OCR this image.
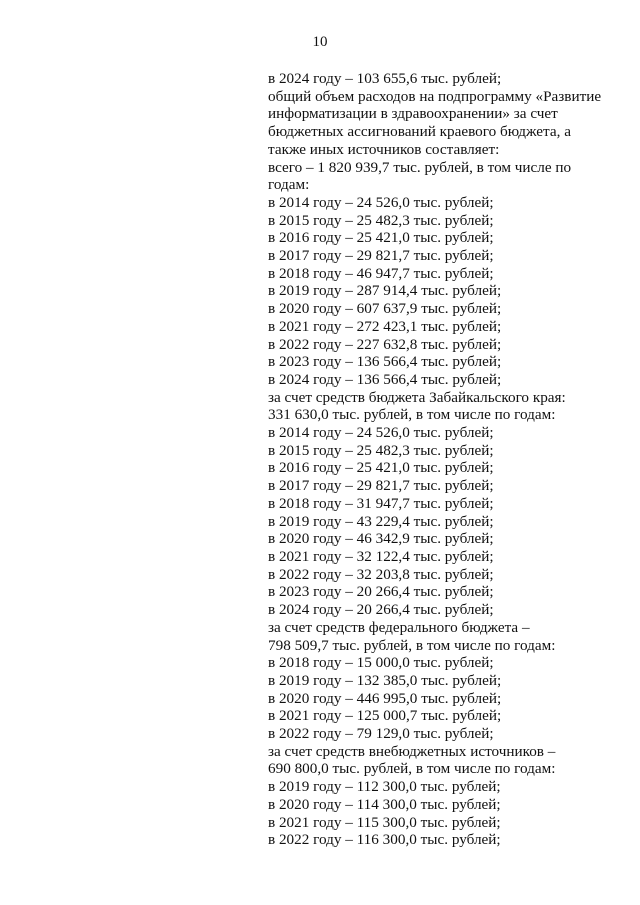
10
в 2024 году – 103 655,6 тыс. рублей;
общий объем расходов на подпрограмму «Развитие
информатизации в здравоохранении» за счет
бюджетных ассигнований краевого бюджета, а
также иных источников составляет:
всего – 1 820 939,7 тыс. рублей, в том числе по
годам:
в 2014 году – 24 526,0 тыс. рублей;
в 2015 году – 25 482,3 тыс. рублей;
в 2016 году – 25 421,0 тыс. рублей;
в 2017 году – 29 821,7 тыс. рублей;
в 2018 году – 46 947,7 тыс. рублей;
в 2019 году – 287 914,4 тыс. рублей;
в 2020 году – 607 637,9 тыс. рублей;
в 2021 году – 272 423,1 тыс. рублей;
в 2022 году – 227 632,8 тыс. рублей;
в 2023 году – 136 566,4 тыс. рублей;
в 2024 году – 136 566,4 тыс. рублей;
за счет средств бюджета Забайкальского края:
331 630,0 тыс. рублей, в том числе по годам:
в 2014 году – 24 526,0 тыс. рублей;
в 2015 году – 25 482,3 тыс. рублей;
в 2016 году – 25 421,0 тыс. рублей;
в 2017 году – 29 821,7 тыс. рублей;
в 2018 году – 31 947,7 тыс. рублей;
в 2019 году – 43 229,4 тыс. рублей;
в 2020 году – 46 342,9 тыс. рублей;
в 2021 году – 32 122,4 тыс. рублей;
в 2022 году – 32 203,8 тыс. рублей;
в 2023 году – 20 266,4 тыс. рублей;
в 2024 году – 20 266,4 тыс. рублей;
за счет средств федерального бюджета –
798 509,7 тыс. рублей, в том числе по годам:
в 2018 году – 15 000,0 тыс. рублей;
в 2019 году – 132 385,0 тыс. рублей;
в 2020 году – 446 995,0 тыс. рублей;
в 2021 году – 125 000,7 тыс. рублей;
в 2022 году – 79 129,0 тыс. рублей;
за счет средств внебюджетных источников –
690 800,0 тыс. рублей, в том числе по годам:
в 2019 году – 112 300,0 тыс. рублей;
в 2020 году – 114 300,0 тыс. рублей;
в 2021 году – 115 300,0 тыс. рублей;
в 2022 году – 116 300,0 тыс. рублей;
